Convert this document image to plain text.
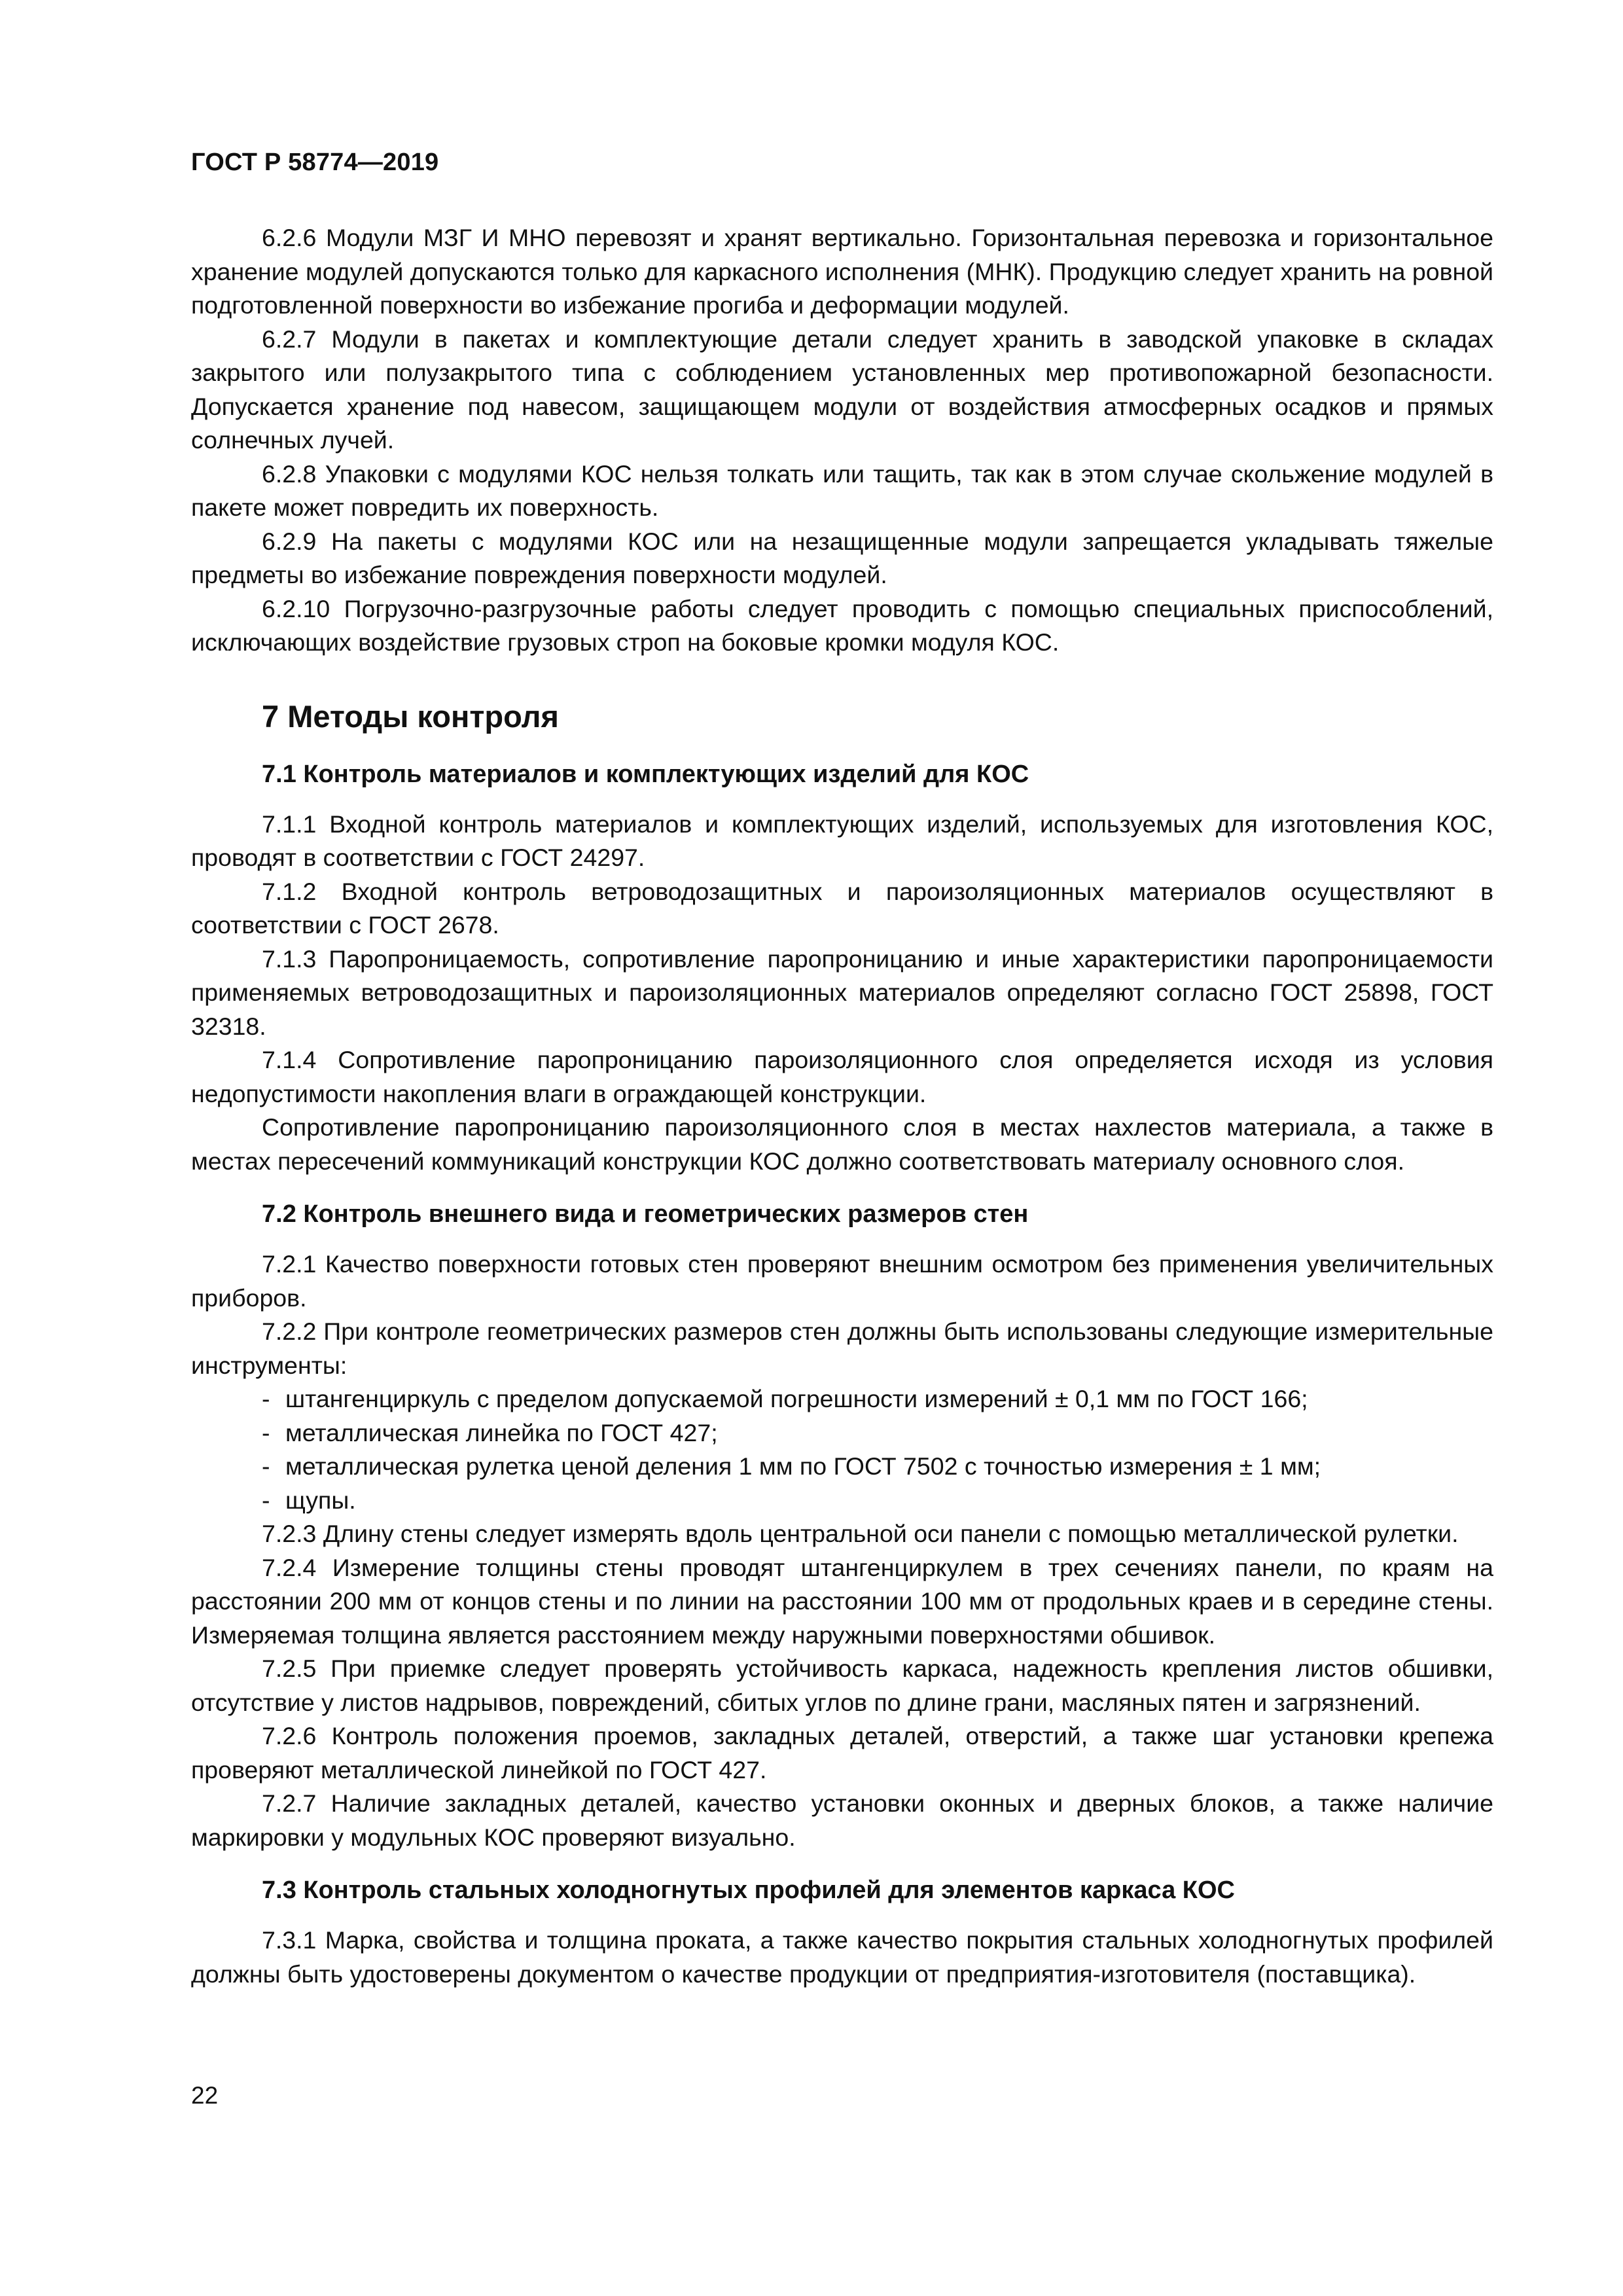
ГОСТ Р 58774—2019

6.2.6 Модули МЗГ И МНО перевозят и хранят вертикально. Горизонтальная перевозка и горизонтальное хранение модулей допускаются только для каркасного исполнения (МНК). Продукцию следует хранить на ровной подготовленной поверхности во избежание прогиба и деформации модулей.

6.2.7 Модули в пакетах и комплектующие детали следует хранить в заводской упаковке в складах закрытого или полузакрытого типа с соблюдением установленных мер противопожарной безопасности. Допускается хранение под навесом, защищающем модули от воздействия атмосферных осадков и прямых солнечных лучей.

6.2.8 Упаковки с модулями КОС нельзя толкать или тащить, так как в этом случае скольжение модулей в пакете может повредить их поверхность.

6.2.9 На пакеты с модулями КОС или на незащищенные модули запрещается укладывать тяжелые предметы во избежание повреждения поверхности модулей.

6.2.10 Погрузочно-разгрузочные работы следует проводить с помощью специальных приспособлений, исключающих воздействие грузовых строп на боковые кромки модуля КОС.

7 Методы контроля
7.1 Контроль материалов и комплектующих изделий для КОС

7.1.1 Входной контроль материалов и комплектующих изделий, используемых для изготовления КОС, проводят в соответствии с ГОСТ 24297.

7.1.2 Входной контроль ветроводозащитных и пароизоляционных материалов осуществляют в соответствии с ГОСТ 2678.

7.1.3 Паропроницаемость, сопротивление паропроницанию и иные характеристики паропроницаемости применяемых ветроводозащитных и пароизоляционных материалов определяют согласно ГОСТ 25898, ГОСТ 32318.

7.1.4 Сопротивление паропроницанию пароизоляционного слоя определяется исходя из условия недопустимости накопления влаги в ограждающей конструкции.

Сопротивление паропроницанию пароизоляционного слоя в местах нахлестов материала, а также в местах пересечений коммуникаций конструкции КОС должно соответствовать материалу основного слоя.

7.2 Контроль внешнего вида и геометрических размеров стен

7.2.1 Качество поверхности готовых стен проверяют внешним осмотром без применения увеличительных приборов.

7.2.2 При контроле геометрических размеров стен должны быть использованы следующие измерительные инструменты:

- штангенциркуль с пределом допускаемой погрешности измерений ± 0,1 мм по ГОСТ 166;
- металлическая линейка по ГОСТ 427;
- металлическая рулетка ценой деления 1 мм по ГОСТ 7502 с точностью измерения ± 1 мм;
- щупы.

7.2.3 Длину стены следует измерять вдоль центральной оси панели с помощью металлической рулетки.

7.2.4 Измерение толщины стены проводят штангенциркулем в трех сечениях панели, по краям на расстоянии 200 мм от концов стены и по линии на расстоянии 100 мм от продольных краев и в середине стены. Измеряемая толщина является расстоянием между наружными поверхностями обшивок.

7.2.5 При приемке следует проверять устойчивость каркаса, надежность крепления листов обшивки, отсутствие у листов надрывов, повреждений, сбитых углов по длине грани, масляных пятен и загрязнений.

7.2.6 Контроль положения проемов, закладных деталей, отверстий, а также шаг установки крепежа проверяют металлической линейкой по ГОСТ 427.

7.2.7 Наличие закладных деталей, качество установки оконных и дверных блоков, а также наличие маркировки у модульных КОС проверяют визуально.

7.3 Контроль стальных холодногнутых профилей для элементов каркаса КОС

7.3.1 Марка, свойства и толщина проката, а также качество покрытия стальных холодногнутых профилей должны быть удостоверены документом о качестве продукции от предприятия-изготовителя (поставщика).

22
